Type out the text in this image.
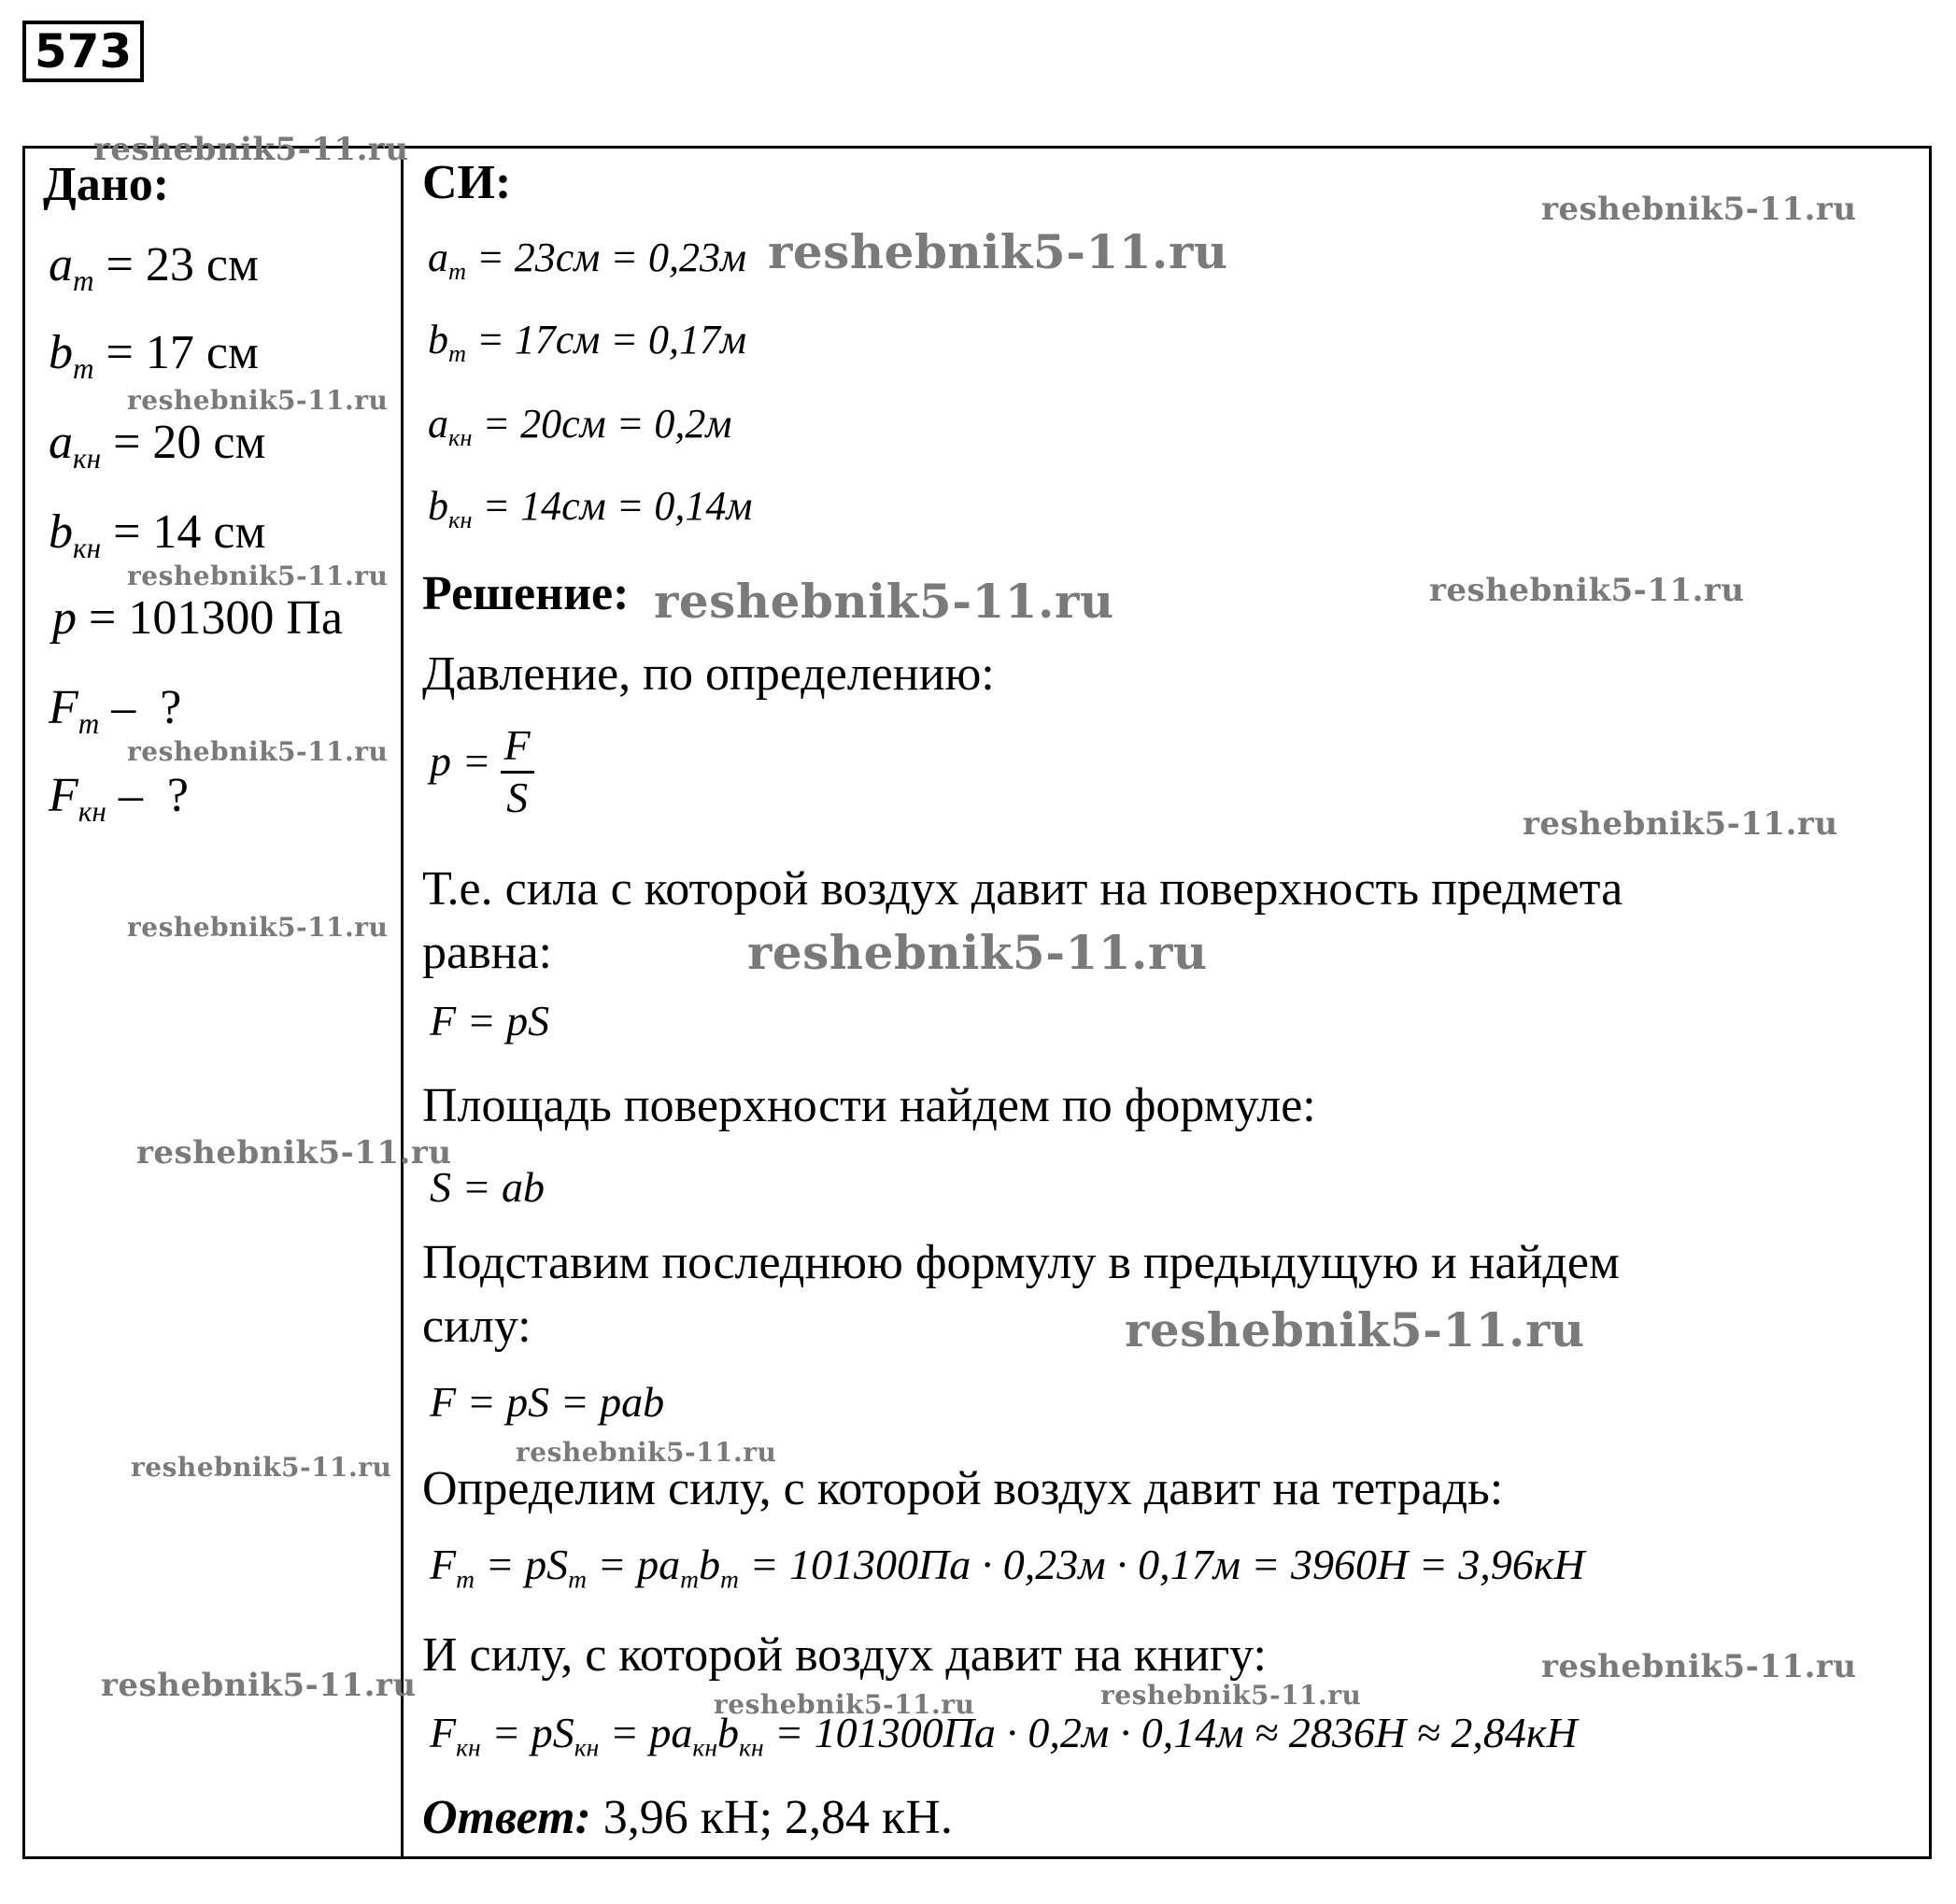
573
Дано:
$a_т = 23$ см
$b_т = 17$ см
$a_{кн} = 20$ см
$b_{кн} = 14$ см
p = 101300 Па
$F_т$ –  ?
$F_{кн}$ –  ?
СИ:
$a_т = 23см = 0,23м$
$b_т = 17см = 0,17м$
$a_{кн} = 20см = 0,2м$
$b_{кн} = 14см = 0,14м$
Решение:
Давление, по определению:
$p = \frac{F}{S}$
Т.е. сила с которой воздух давит на поверхность предмета
равна:
F = pS
Площадь поверхности найдем по формуле:
S = ab
Подставим последнюю формулу в предыдущую и найдем
силу:
F = pS = pab
Определим силу, с которой воздух давит на тетрадь:
$F_т = pS_т = pa_тb_т = 101300Па \cdot 0,23м \cdot 0,17м = 3960Н = 3,96кН$
И силу, с которой воздух давит на книгу:
$F_{кн} = pS_{кн} = pa_{кн}b_{кн} = 101300Па \cdot 0,2м \cdot 0,14м \approx 2836Н \approx 2,84кН$
Ответ: 3,96 кН; 2,84 кН.
reshebnik5-11.ru
reshebnik5-11.ru
reshebnik5-11.ru
reshebnik5-11.ru
reshebnik5-11.ru	reshebnik5-11.ru	reshebnik5-11.ru
reshebnik5-11.ru
reshebnik5-11.ru
reshebnik5-11.ru	reshebnik5-11.ru
reshebnik5-11.ru
reshebnik5-11.ru
reshebnik5-11.ru
reshebnik5-11.ru
reshebnik5-11.ru
reshebnik5-11.ru
reshebnik5-11.ru	reshebnik5-11.ru
